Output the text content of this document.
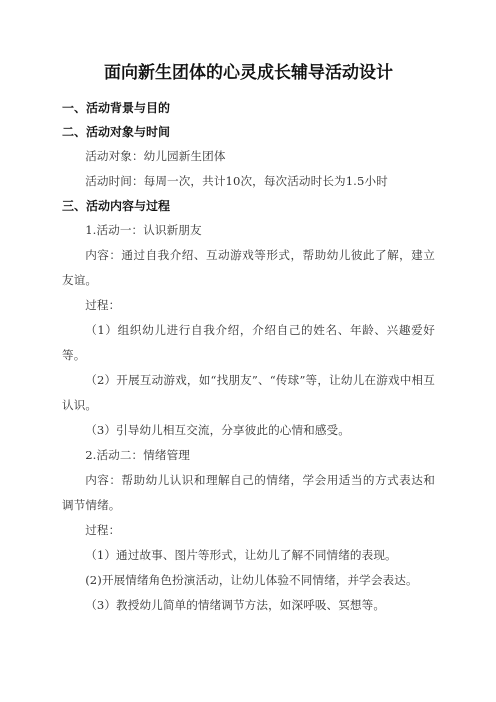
面向新生团体的心灵成长辅导活动设计
一、活动背景与目的
二、活动对象与时间

活动对象：幼儿园新生团体

活动时间：每周一次，共计10次，每次活动时长为1.5小时

三、活动内容与过程

1.活动一：认识新朋友

内容：通过自我介绍、互动游戏等形式，帮助幼儿彼此了解，建立友谊。

过程：

（1）组织幼儿进行自我介绍，介绍自己的姓名、年龄、兴趣爱好等。

（2）开展互动游戏，如“找朋友”、“传球”等，让幼儿在游戏中相互认识。

（3）引导幼儿相互交流，分享彼此的心情和感受。

2.活动二：情绪管理

内容：帮助幼儿认识和理解自己的情绪，学会用适当的方式表达和调节情绪。

过程：

（1）通过故事、图片等形式，让幼儿了解不同情绪的表现。

(2)开展情绪角色扮演活动，让幼儿体验不同情绪，并学会表达。

（3）教授幼儿简单的情绪调节方法，如深呼吸、冥想等。
